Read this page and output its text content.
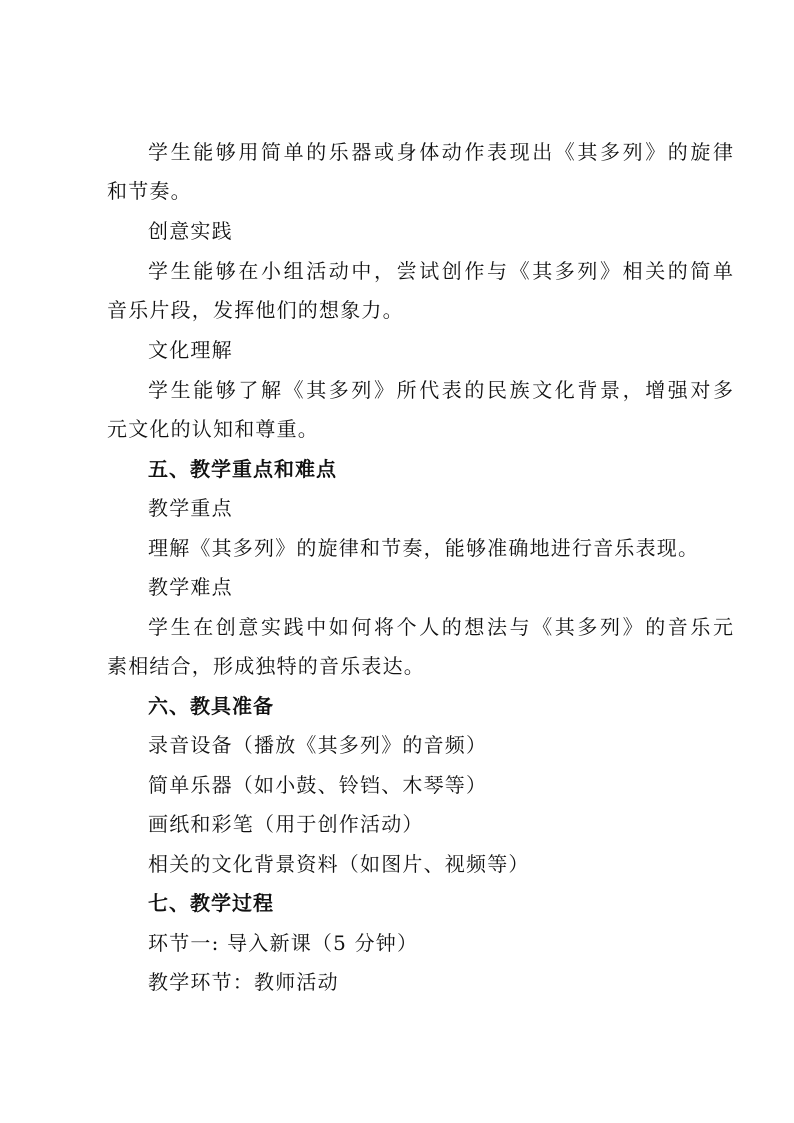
学生能够用简单的乐器或身体动作表现出《其多列》的旋律
和节奏。
创意实践
学生能够在小组活动中，尝试创作与《其多列》相关的简单
音乐片段，发挥他们的想象力。
文化理解
学生能够了解《其多列》所代表的民族文化背景，增强对多
元文化的认知和尊重。
五、教学重点和难点
教学重点
理解《其多列》的旋律和节奏，能够准确地进行音乐表现。
教学难点
学生在创意实践中如何将个人的想法与《其多列》的音乐元
素相结合，形成独特的音乐表达。
六、教具准备
录音设备（播放《其多列》的音频）
简单乐器（如小鼓、铃铛、木琴等）
画纸和彩笔（用于创作活动）
相关的文化背景资料（如图片、视频等）
七、教学过程
环节一: 导入新课（5 分钟）
教学环节：教师活动
